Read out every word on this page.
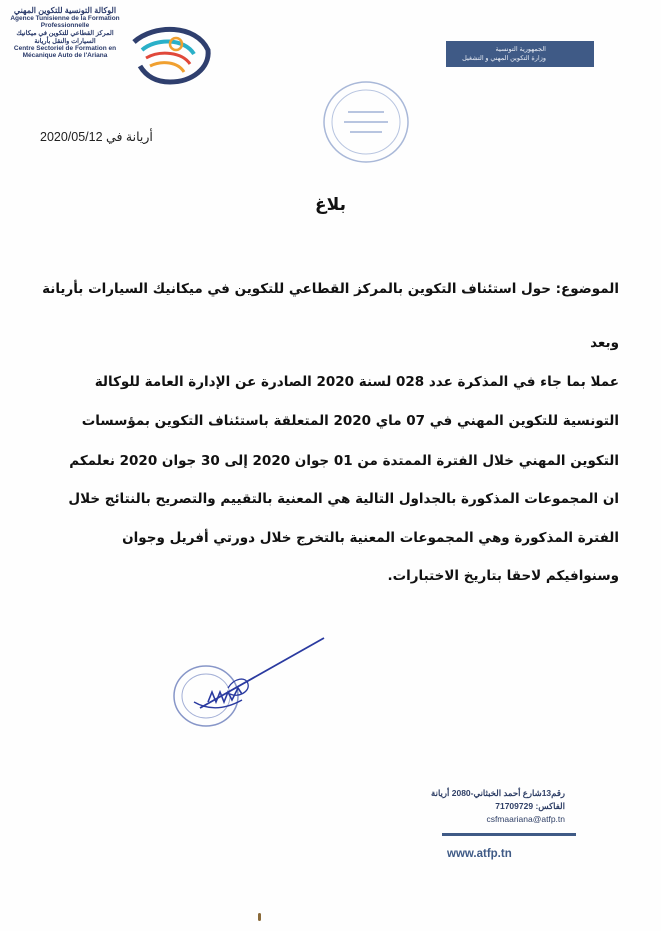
الوكالة التونسية للتكوين المهني
Agence Tunisienne de la Formation
Professionnelle
المركز القطاعي للتكوين في ميكانيك
السيارات والنقل بأريانة
Centre Sectoriel de Formation en
Mécanique Auto de l'Ariana
الجمهورية التونسية
وزارة التكوين المهني و التشغيل
أريانة في 2020/05/12
بلاغ
الموضوع: حول استئناف التكوين بالمركز القطاعي للتكوين في ميكانيك السيارات بأريانة
وبعد
عملا بما جاء في المذكرة عدد 028 لسنة 2020 الصادرة عن الإدارة العامة للوكالة
التونسية للتكوين المهني في 07 ماي 2020 المتعلقة باستئناف التكوين بمؤسسات
التكوين المهني خلال الفترة الممتدة من 01 جوان 2020 إلى 30 جوان 2020 نعلمكم
ان المجموعات المذكورة بالجداول التالية هي المعنية بالتقييم والتصريح بالنتائج خلال
الفترة المذكورة وهي المجموعات المعنية بالتخرج خلال دورتي أفريل وجوان
وسنوافيكم لاحقا بتاريخ الاختبارات.
رقم13شارع أحمد الخبثاني-2080 أريانة
الفاكس: 71709729
csfmaariana@atfp.tn
www.atfp.tn
